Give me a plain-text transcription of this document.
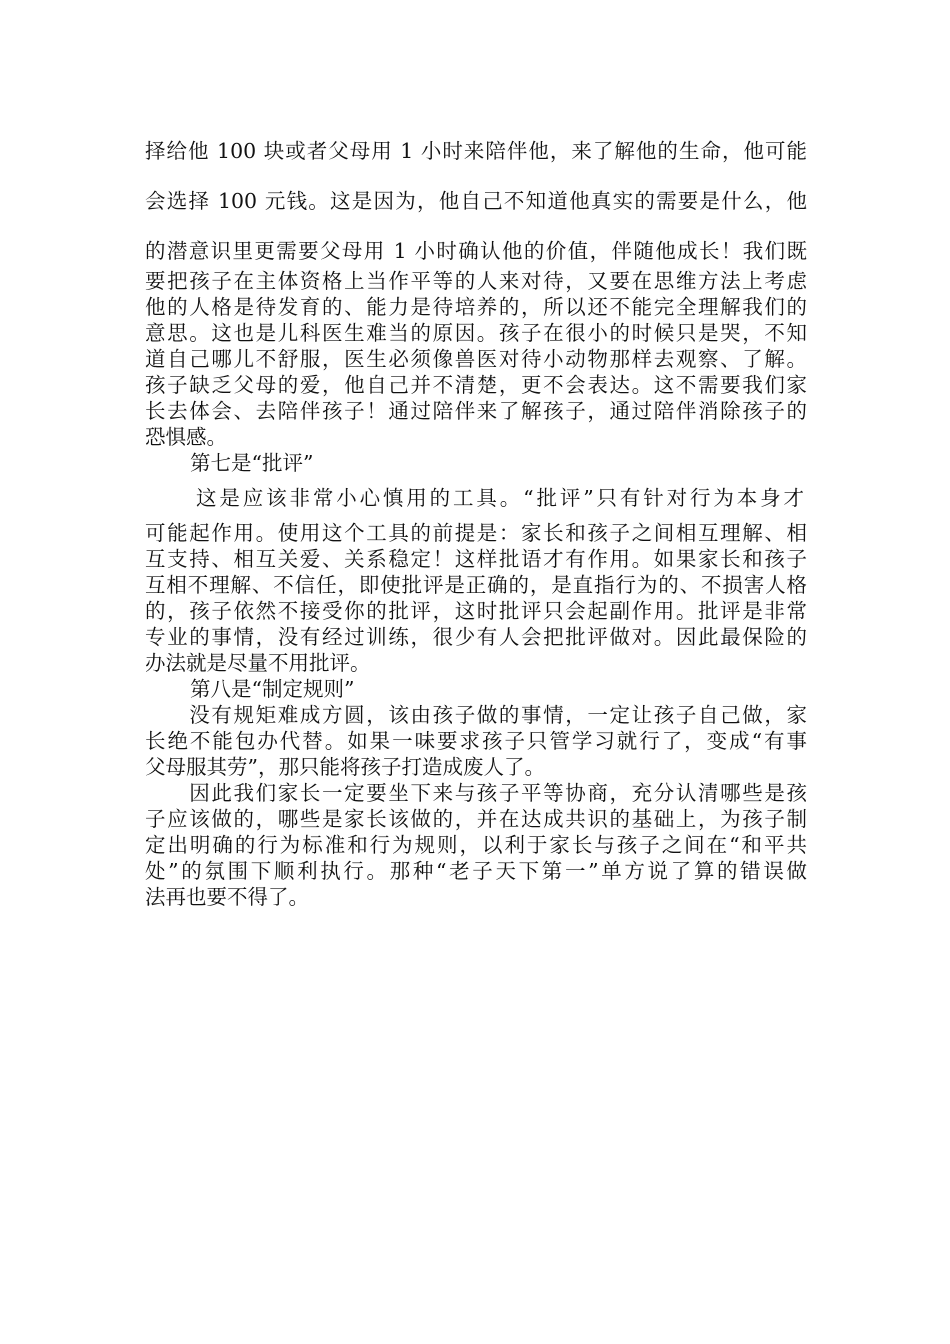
择给他 100 块或者父母用 1 小时来陪伴他，来了解他的生命，他可能
会选择 100 元钱。这是因为，他自己不知道他真实的需要是什么，他
的潜意识里更需要父母用 1 小时确认他的价值，伴随他成长！我们既
要把孩子在主体资格上当作平等的人来对待，又要在思维方法上考虑
他的人格是待发育的、能力是待培养的，所以还不能完全理解我们的
意思。这也是儿科医生难当的原因。孩子在很小的时候只是哭，不知
道自己哪儿不舒服，医生必须像兽医对待小动物那样去观察、了解。
孩子缺乏父母的爱，他自己并不清楚，更不会表达。这不需要我们家
长去体会、去陪伴孩子！通过陪伴来了解孩子，通过陪伴消除孩子的
恐惧感。
第七是“批评”
这是应该非常小心慎用的工具。“批评”只有针对行为本身才
可能起作用。使用这个工具的前提是：家长和孩子之间相互理解、相
互支持、相互关爱、关系稳定！这样批语才有作用。如果家长和孩子
互相不理解、不信任，即使批评是正确的，是直指行为的、不损害人格
的，孩子依然不接受你的批评，这时批评只会起副作用。批评是非常
专业的事情，没有经过训练，很少有人会把批评做对。因此最保险的
办法就是尽量不用批评。
第八是“制定规则”
　　没有规矩难成方圆，该由孩子做的事情，一定让孩子自己做，家
长绝不能包办代替。如果一味要求孩子只管学习就行了，变成“有事
父母服其劳”，那只能将孩子打造成废人了。
　　因此我们家长一定要坐下来与孩子平等协商，充分认清哪些是孩
子应该做的，哪些是家长该做的，并在达成共识的基础上，为孩子制
定出明确的行为标准和行为规则，以利于家长与孩子之间在“和平共
处”的氛围下顺利执行。那种“老子天下第一”单方说了算的错误做
法再也要不得了。
